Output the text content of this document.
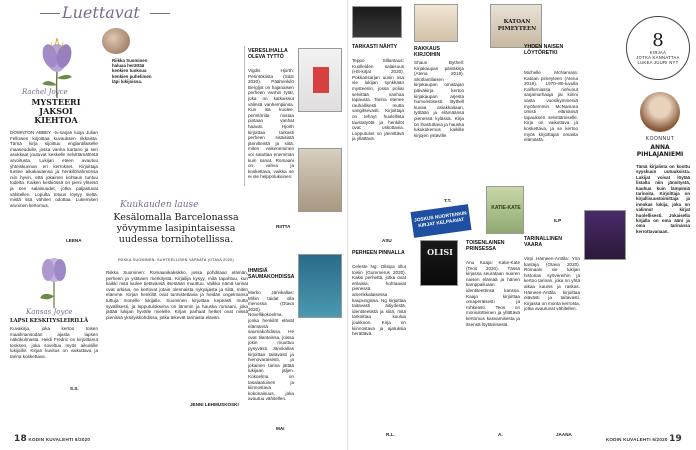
Luettavat
Rachel Joyce
MYSTEERI JAKSOI KIEHTOA
DOWNTON ABBEY -tv-sarjan luoja Julian Fellowes kirjoittaa kuvauksen rikkaista. Tämä kirja sijoittuu englantilaiselle maaseudulle, jossa vanha kartano ja sen asukkaat joutuvat keskelle selvittämätöntä arvoitusta. Lukijan eteen avautuu yhteiskunnan eri kerrokset. Kirjoittaja tuntee aikakautensa ja henkilöhahmonsa niin hyvin, että jokainen kohtaus tuntuu todelta. Kaiken keskiössä on pieni yhteisö ja sen salaisuudet, jotka paljastuvat vähitellen. Lopulta totuus löytyy sieltä, mistä sitä vähiten odottaa. Lukemisen arvoinen kertomus.
LEENA
Riikka Suominen haluaa herättää kenkien tuoksua kenkien puhelimen läpi lukijoissa.
Kansas Joyce
LAPSI KESKITYSLEIRILLÄ
Kuvakirja, joka kertoo toisen maailmansodan ajasta lapsen näkökulmasta. Heidi Fredric on kirjoittanut teoksen, joka soveltuu myös aikuisille lukijoille. Kirjan kuvitus on vaikuttava ja tarina koskettava.
S.S.
Kuukauden lause
Kesälomalla Barcelonassa yövymme lasipintaisessa uudessa tornihotellissa.
RIIKKA SUOMINEN: SUHTEELLISEN VAPAATA (OTAVA 2020)
Riikka Suominen: Romaanikaksikko, jossa pohditaan elämän, perheen ja ystävien merkitystä. Kirjailija kysyy, mitä tapahtuu, kun kaikki mitä luulee tietävänsä itsestään muuttuu. Vaikka nämä tarinat ovat arkisia, ne kertovat jotain olennaista nykyajasta ja siitä, miten elämme. Kirjan henkilöt ovat tunnistettavia ja heidän ongelmansa tuttuja monelle lukijalle. Suominen kirjoittaa kepeästi mutta syvällisesti, ja lopputuloksena on lämmin ja hauska romaani, joka jättää lukijan hyvälle mielelle. Kirjan parhaat hetket ovat niissä pienissä yksityiskohdissa, jotka tekevät tarinasta elävän.
JENNI LEHMUSKOSKI
VERESLIHALLA OLEVA TYTTÖ
Vigdis Hjorth: Perintökiista (S&S 2020). Päähenkilö Bergljot on hajanaisen perheen vanhin tytär, joka on katkaissut välinsä vanhempiinsa. Kun isä kuolee, perintöriita nostaa pintaan vanhat haavat. Hjorth kirjoittaa tarkasti perheen sisäisistä jännitteistä ja siitä, miten vaikeneminen voi satuttaa enemmän kuin sanat. Romaani on vahva ja koskettava, vaikka se ei ole helppolukuinen.
RIITTA
IHMISIÄ SAUMAKOHDISSA
Marko Järvikallas: Mihin taidat olla menossa (Otava 2020). Novellikokoelma, jonka henkilöt elävät elämänsä saumakohdissa. He ovat tilanteissa, joissa jokin muuttuu pysyvästi. Järvikallas kirjoittaa taitavasti ja hienovaraisesti, ja jokainen tarina jättää lukijaan jäljen. Kokoelma on tasalaatuinen ja kiinnostava kokonaisuus, joka avautuu vähitellen.
MAI
18 KODIN KUVALEHTI 6/2020
KATOAN PIMEYTEEN
TARKASTI NÄHTY
Teppo Sillantaus: Kuolleiden salaisuus (HS-kirjat 2020). Pokkarisarjan uusin osa vie lukijan synkkään mysteeriin, jossa poliisi selvittää vanhaa tapausta. Tarina etenee rauhallisesti mutta vangitsevasti. Kirjoittaja on tehnyt huolellista taustatyötä ja henkilöt ovat uskottavia. Lopputulos on jännittävä ja yllättävä.
ASU
RAKKAUS KIRJOIHIN
Shaun Bythell: Kirjakaupan päiväkirja (Atena 2019). Skotlantilaisen kirjakaupan omistajan päiväkirja kertoo kirjakaupan arjesta humoristisesti. Bythell kuvaa asiakkaitaan, työtään ja elämäänsä pienessä kylässä. Kirja on ihastuttava ja hauska lukukokemus kaikille kirjojen ystäville.
T.T.
JOSKUS NUORTENKIN KIRJAT KELPAAVAT
OLISI
PERHEEN PINNALLA
Celeste Ng: Olisipa ollut toisin (Gummerus 2020). Kaksi perhettä, jotka ovat erilaisia, kohtaavat pienessä amerikkalaisessa kaupungissa. Ng kirjoittaa taitavasti äitiydestä, identiteetistä ja siitä, mitä tarkoittaa kuulua joukkoon. Kirja on kiinnostava ja ajatuksia herättävä.
R.L.
KATIE-KATE
TOISENLAINEN PRINSESSA
Anu Kaaja: Katie-Kate (Teos 2020). Tässä kirjassa seurataan nuoren naisen elämää ja hänen kamppailuaan identiteettinsä kanssa. Kaaja kirjoittaa omaperäisesti ja rohkeasti. Teos on moniulotteinen ja yllättävä kertomus kasvamisesta ja itsensä löytämisestä.
A.
YHDEN NAISEN LÖYTÖRETKI
Michelle McNamara: Katoan pimeyteen (Atena 2019). 1970–80-luvulla Kaliforniassa riehunut sarjamurhaaja jäi kiinni vasta vuosikymmeniä myöhemmin. McNamara omisti elämänsä tapauksen selvittämiselle. Kirja on vaikuttava ja koskettava, ja se kertoo myös kirjoittajan omasta elämästä.
ILP
TARINALLINEN VAARA
Virpi Hämeen-Anttila: Yön kantaja (Otava 2020). Romaani vie lukijan historian syövereihin ja kertoo tarinan, joka on yhtä aikaa kaunis ja raskas. Hämeen-Anttila kirjoittaa elävästi ja taitavasti. Kirjassa on monta kerrosta, jotka avautuvat vähitellen.
JAANA
8
KIRJAA
JOTKA KANNATTAA
LUKEA JUURI NYT
KOONNUT
ANNA PIHLAJANIEMI
Tämä kirjalista on koottu syyskuun uutuuksista. Lukijat voivat löytää listalta niin jännitystä, kauhua kuin lämpimiä tarinoita. Kirjoittaja on kirjallisuustoimittaja ja innokas lukija, joka on valinnut kirjat huolellisesti. Jokaisella kirjalla on oma ääni ja oma tarinansa kerrottavanaan.
KODIN KUVALEHTI 6/2020 19
